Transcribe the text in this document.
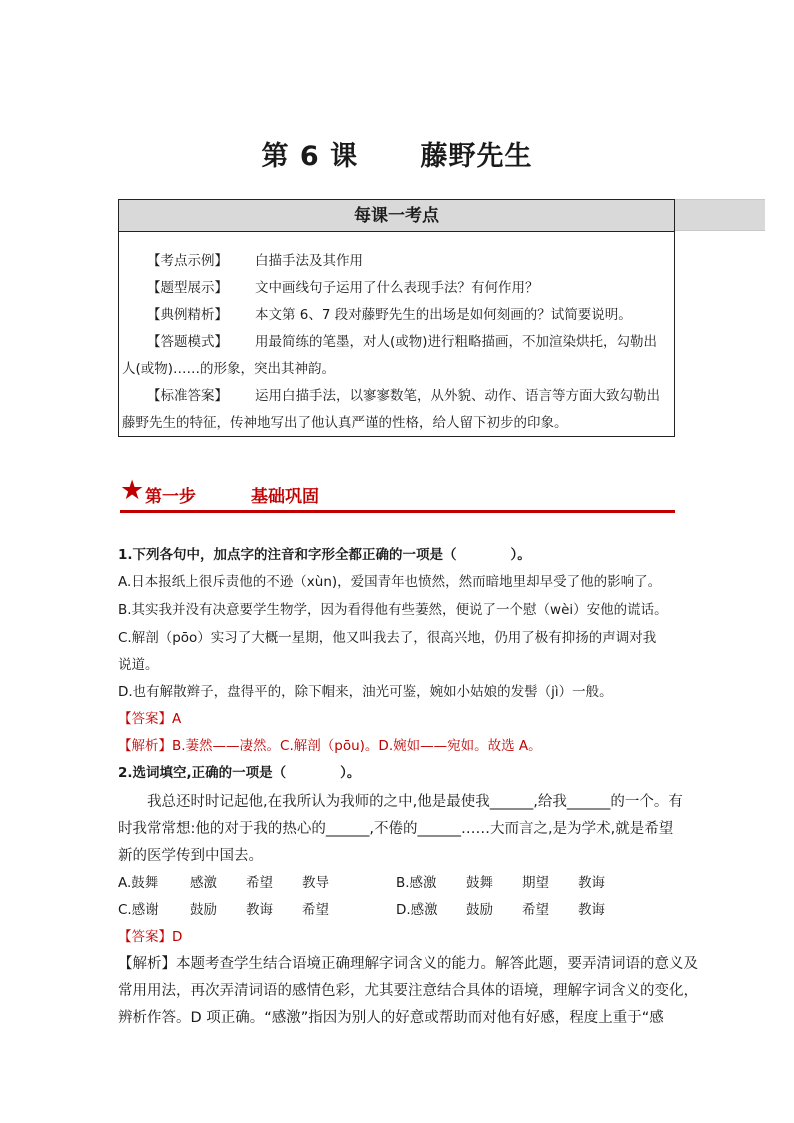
第 6 课      藤野先生
每课一考点
【考点示例】 白描手法及其作用
【题型展示】 文中画线句子运用了什么表现手法？有何作用？
【典例精析】 本文第 6、7 段对藤野先生的出场是如何刻画的？试简要说明。
【答题模式】 用最简练的笔墨，对人(或物)进行粗略描画，不加渲染烘托，勾勒出
人(或物)……的形象，突出其神韵。
【标准答案】 运用白描手法，以寥寥数笔，从外貌、动作、语言等方面大致勾勒出
藤野先生的特征，传神地写出了他认真严谨的性格，给人留下初步的印象。
★ 第一步	基础巩固
1.下列各句中，加点字的注音和字形全都正确的一项是（　　　　）。
A.日本报纸上很斥责他的不逊（xùn)，爱国青年也愤然，然而暗地里却早受了他的影响了。
B.其实我并没有决意要学生物学，因为看得他有些萋然，便说了一个慰（wèi）安他的谎话。
C.解剖（pōo）实习了大概一星期，他又叫我去了，很高兴地，仍用了极有抑扬的声调对我
说道。
D.也有解散辫子，盘得平的，除下帽来，油光可鉴，婉如小姑娘的发髻（jì）一般。
【答案】A
【解析】B.萋然——凄然。C.解剖（pōu)。D.婉如——宛如。故选 A。
2.选词填空,正确的一项是（　　　　）。
我总还时时记起他,在我所认为我师的之中,他是最使我______,给我______的一个。有
时我常常想:他的对于我的热心的______,不倦的______……大而言之,是为学术,就是希望
新的医学传到中国去。
A.鼓舞 感激 希望 教导	B.感激 鼓舞 期望 教诲
C.感谢 鼓励 教诲 希望	D.感激 鼓励 希望 教诲
【答案】D
【解析】本题考查学生结合语境正确理解字词含义的能力。解答此题，要弄清词语的意义及
常用用法，再次弄清词语的感情色彩，尤其要注意结合具体的语境，理解字词含义的变化，
辨析作答。D 项正确。“感激”指因为别人的好意或帮助而对他有好感，程度上重于“感
